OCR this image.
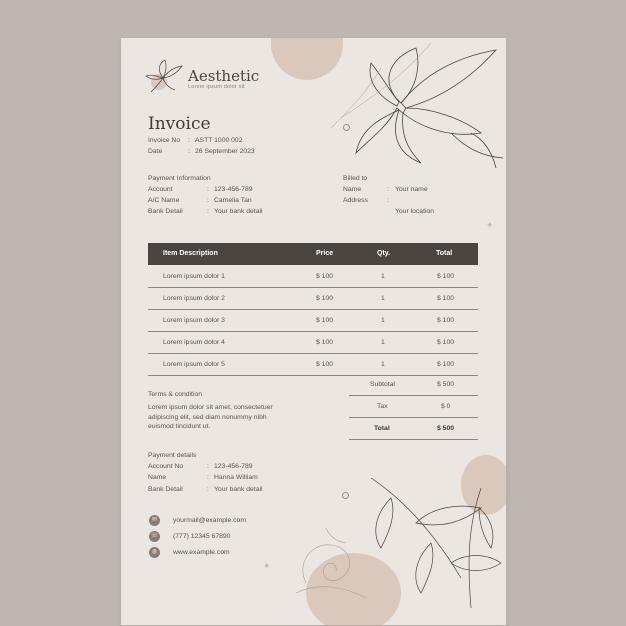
✦
✦
Aesthetic
Lorem ipsum dolor sit
Invoice
Invoice No : ASTT 1000 002
Date	: 26 September 2023
Payment Information
Account	: 123-456-789
A/C Name	: Camelia Tan
Bank Detail	: Your bank detail
Billed to
Name	: Your name
Address	:
Your location
Item Description	Price	Qty.	Total
Lorem ipsum dolor 1	$ 100	1	$ 100
Lorem ipsum dolor 2	$ 100	1	$ 100
Lorem ipsum dolor 3	$ 100	1	$ 100
Lorem ipsum dolor 4	$ 100	1	$ 100
Lorem ipsum dolor 5	$ 100	1	$ 100
Subtotal	$ 500
Tax	$ 0
Total	$ 500
Terms & condition
Lorem ipsum dolor sit amet, consectetuer
adipiscing elit, sed diam nonummy nibh
euismod tincidunt ut.
Payment details
Account No	: 123-456-789
Name	: Hanna William
Bank Detail	: Your bank detail
✉	yourmail@example.com
☏ (777) 12345 67890
◍	www.example.com
